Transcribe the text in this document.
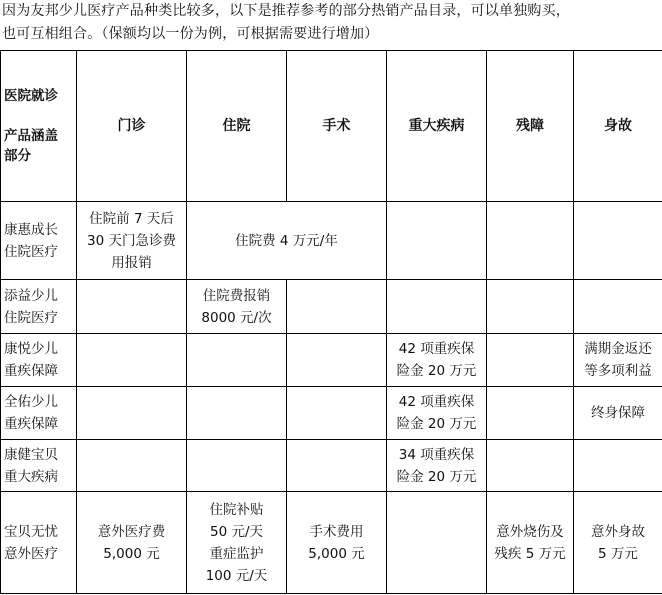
因为友邦少儿医疗产品种类比较多，以下是推荐参考的部分热销产品目录，可以单独购买，

也可互相组合。（保额均以一份为例，可根据需要进行增加）

医院就诊
产品涵盖
部分	门诊	住院	手术	重大疾病	残障	身故

康惠成长
住院医疗	住院前 7 天后
30 天门急诊费
用报销	住院费 4 万元/年				

添益少儿
住院医疗		住院费报销
8000 元/次				

康悦少儿
重疾保障				42 项重疾保
险金 20 万元		满期金返还
等多项利益

全佑少儿
重疾保障				42 项重疾保
险金 20 万元		终身保障

康健宝贝
重大疾病				34 项重疾保
险金 20 万元		

宝贝无忧
意外医疗	意外医疗费
5,000 元	住院补贴
50 元/天
重症监护
100 元/天	手术费用
5,000 元		意外烧伤及
残疾 5 万元	意外身故
5 万元
